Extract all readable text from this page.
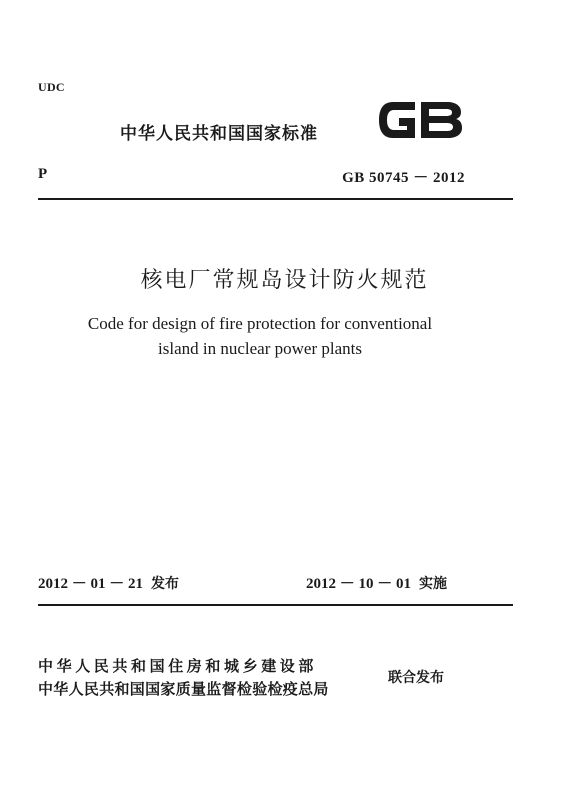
UDC
中华人民共和国国家标准
P	GB 50745 － 2012
核电厂常规岛设计防火规范
Code for design of fire protection for conventional
island in nuclear power plants
2012 － 01 － 21 发布	2012 － 10 － 01 实施
中华人民共和国住房和城乡建设部
中华人民共和国国家质量监督检验检疫总局
联合发布
